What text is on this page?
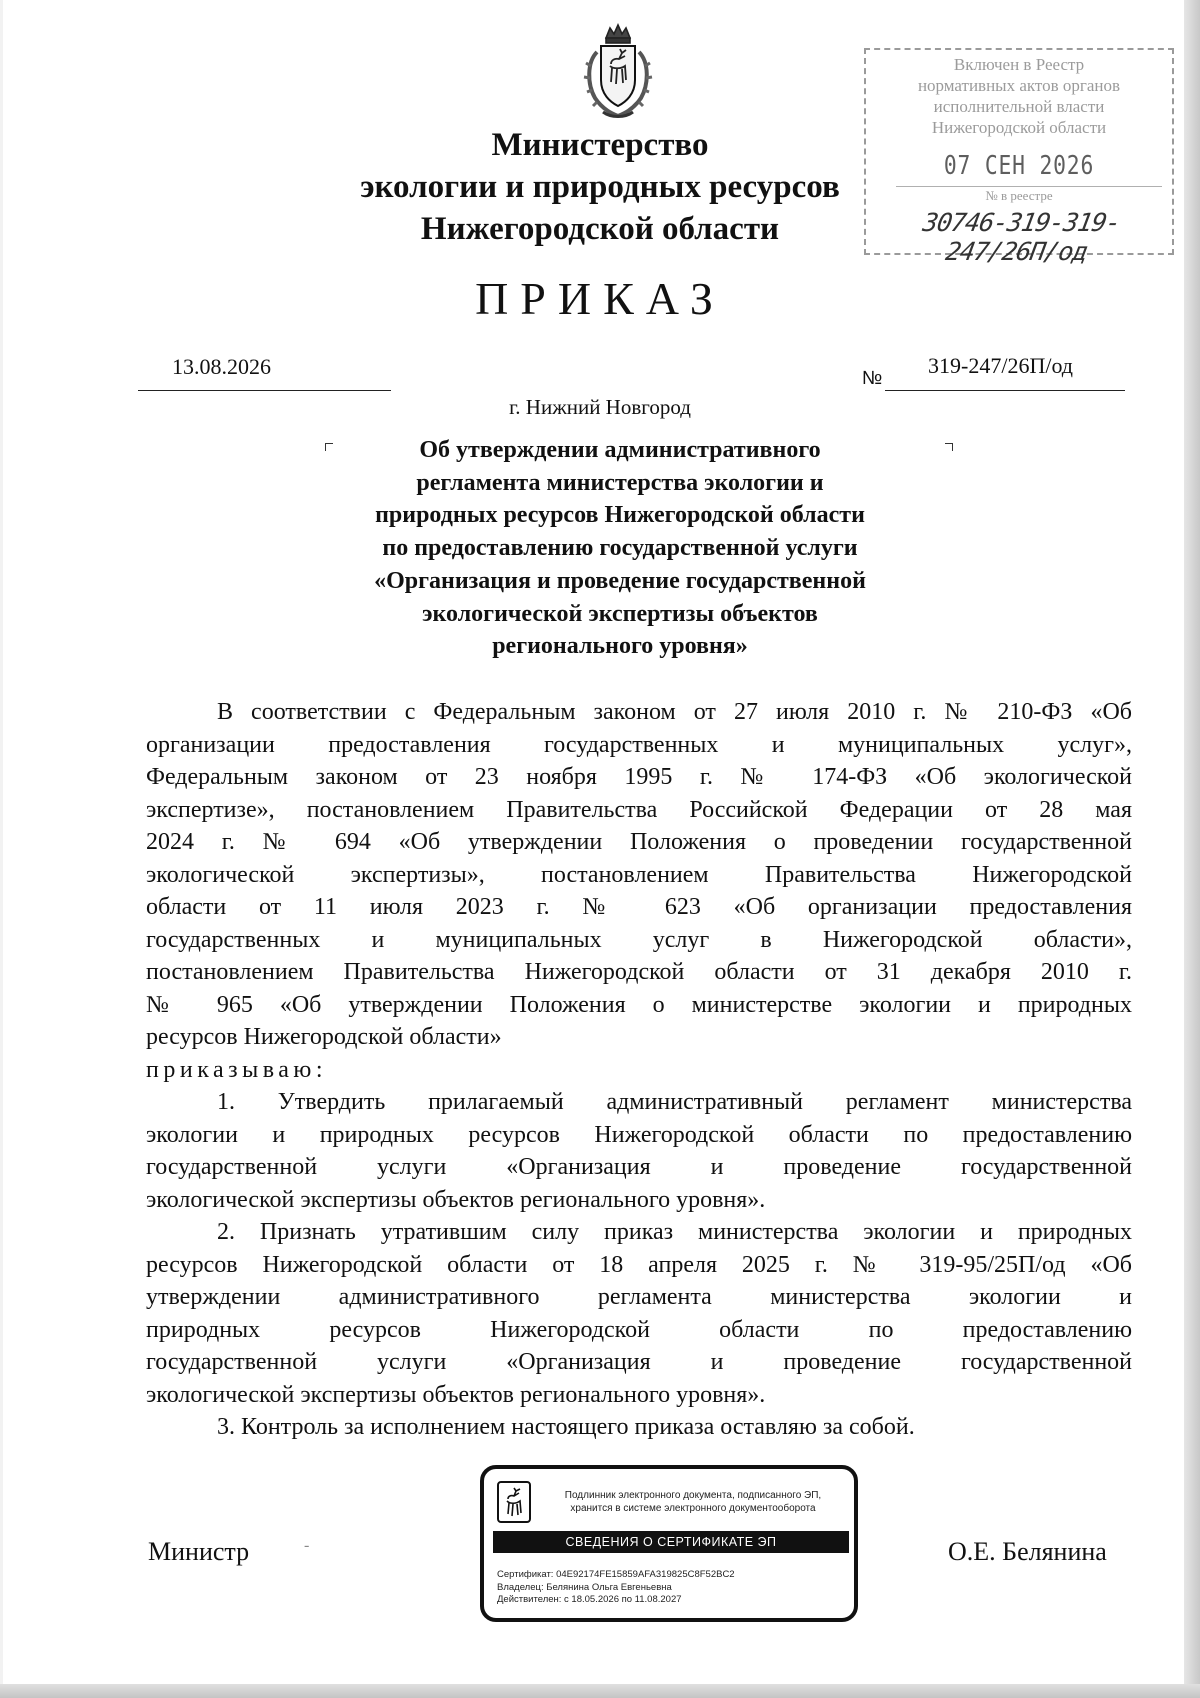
Министерство
экологии и природных ресурсов
Нижегородской области
Включен в Реестр
нормативных актов органов
исполнительной власти
Нижегородской области
07 СЕН 2026
№ в реестре
30746-319-319-247/26П/од
ПРИКАЗ
13.08.2026	№
319-247/26П/од
г. Нижний Новгород
Об утверждении административного
регламента министерства экологии и
природных ресурсов Нижегородской области
по предоставлению государственной услуги
«Организация и проведение государственной
экологической экспертизы объектов
регионального уровня»
В соответствии с Федеральным законом от 27 июля 2010 г. № 210-ФЗ «Об
организации предоставления государственных и муниципальных услуг»,
Федеральным законом от 23 ноября 1995 г. № 174-ФЗ «Об экологической
экспертизе», постановлением Правительства Российской Федерации от 28 мая
2024 г. № 694 «Об утверждении Положения о проведении государственной
экологической экспертизы», постановлением Правительства Нижегородской
области от 11 июля 2023 г. № 623 «Об организации предоставления
государственных и муниципальных услуг в Нижегородской области»,
постановлением Правительства Нижегородской области от 31 декабря 2010 г.
№ 965 «Об утверждении Положения о министерстве экологии и природных
ресурсов Нижегородской области»
приказываю:
1. Утвердить прилагаемый административный регламент министерства
экологии и природных ресурсов Нижегородской области по предоставлению
государственной услуги «Организация и проведение государственной
экологической экспертизы объектов регионального уровня».
2. Признать утратившим силу приказ министерства экологии и природных
ресурсов Нижегородской области от 18 апреля 2025 г. № 319-95/25П/од «Об
утверждении административного регламента министерства экологии и
природных ресурсов Нижегородской области по предоставлению
государственной услуги «Организация и проведение государственной
экологической экспертизы объектов регионального уровня».
3. Контроль за исполнением настоящего приказа оставляю за собой.
Министр	-	О.Е. Белянина
Подлинник электронного документа, подписанного ЭП,
хранится в системе электронного документооборота
СВЕДЕНИЯ О СЕРТИФИКАТЕ ЭП
Сертификат: 04E92174FE15859AFA319825C8F52BC2
Владелец: Белянина Ольга Евгеньевна
Действителен: с 18.05.2026 по 11.08.2027
